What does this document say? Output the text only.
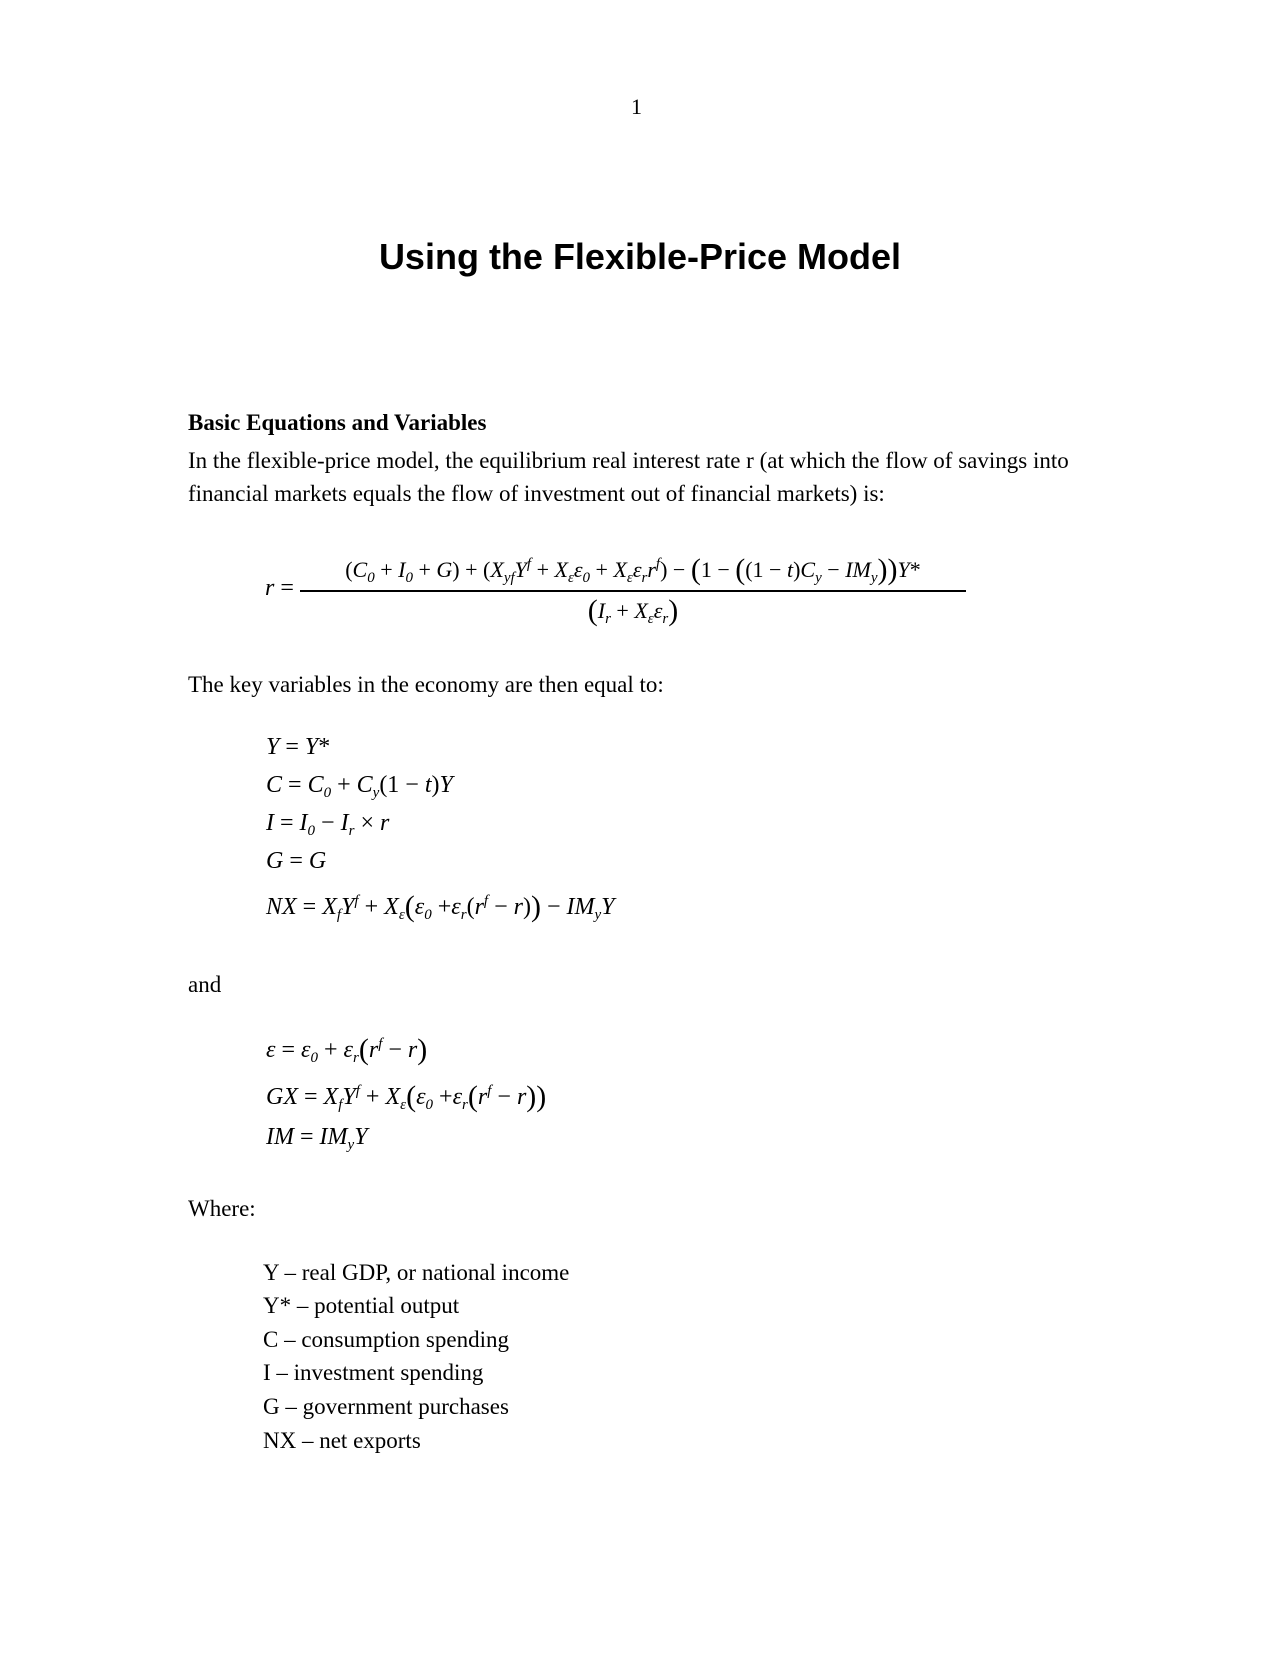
1
Using the Flexible-Price Model
Basic Equations and Variables
In the flexible-price model, the equilibrium real interest rate r (at which the flow of savings into financial markets equals the flow of investment out of financial markets) is:
r =
$(C_0 + I_0 + G) + (X_{yf}Y^f + X_\varepsilon\varepsilon_0 + X_\varepsilon\varepsilon_rr^f) - (1 - ((1 - t)C_y - IM_y))Y*$
$(I_r + X_\varepsilon\varepsilon_r)$
The key variables in the economy are then equal to:
Y = Y*
$C = C_0 + C_y(1 - t)Y$
$I = I_0 - I_r \times r$
G = G
NX = $X_fY^f + X_\varepsilon(\varepsilon_0 +\varepsilon_r(r^f - r)) - IM_yY$
and
$\varepsilon = \varepsilon_0 + \varepsilon_r(r^f - r)$
GX = $X_fY^f + X_\varepsilon(\varepsilon_0 +\varepsilon_r(r^f - r))$
IM = $IM_yY$
Where:
Y – real GDP, or national income
Y* – potential output
C – consumption spending
I – investment spending
G – government purchases
NX – net exports
